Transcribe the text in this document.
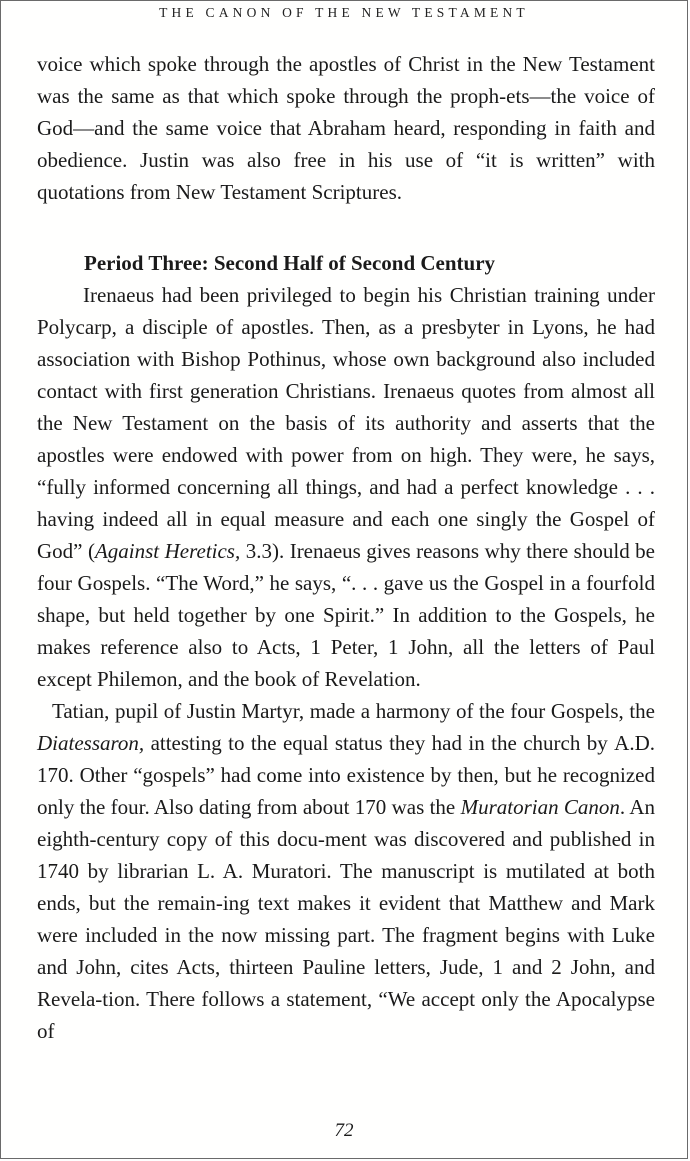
THE CANON OF THE NEW TESTAMENT

voice which spoke through the apostles of Christ in the New Testament was the same as that which spoke through the proph-ets—the voice of God—and the same voice that Abraham heard, responding in faith and obedience. Justin was also free in his use of “it is written” with quotations from New Testament Scriptures.

Period Three: Second Half of Second Century

Irenaeus had been privileged to begin his Christian training under Polycarp, a disciple of apostles. Then, as a presbyter in Lyons, he had association with Bishop Pothinus, whose own background also included contact with first generation Christians. Irenaeus quotes from almost all the New Testament on the basis of its authority and asserts that the apostles were endowed with power from on high. They were, he says, “fully informed concerning all things, and had a perfect knowledge . . . having indeed all in equal measure and each one singly the Gospel of God” (Against Heretics, 3.3). Irenaeus gives reasons why there should be four Gospels. “The Word,” he says, “. . . gave us the Gospel in a fourfold shape, but held together by one Spirit.” In addition to the Gospels, he makes reference also to Acts, 1 Peter, 1 John, all the letters of Paul except Philemon, and the book of Revelation.

Tatian, pupil of Justin Martyr, made a harmony of the four Gospels, the Diatessaron, attesting to the equal status they had in the church by A.D. 170. Other “gospels” had come into existence by then, but he recognized only the four. Also dating from about 170 was the Muratorian Canon. An eighth-century copy of this docu-ment was discovered and published in 1740 by librarian L. A. Muratori. The manuscript is mutilated at both ends, but the remain-ing text makes it evident that Matthew and Mark were included in the now missing part. The fragment begins with Luke and John, cites Acts, thirteen Pauline letters, Jude, 1 and 2 John, and Revela-tion. There follows a statement, “We accept only the Apocalypse of

72
